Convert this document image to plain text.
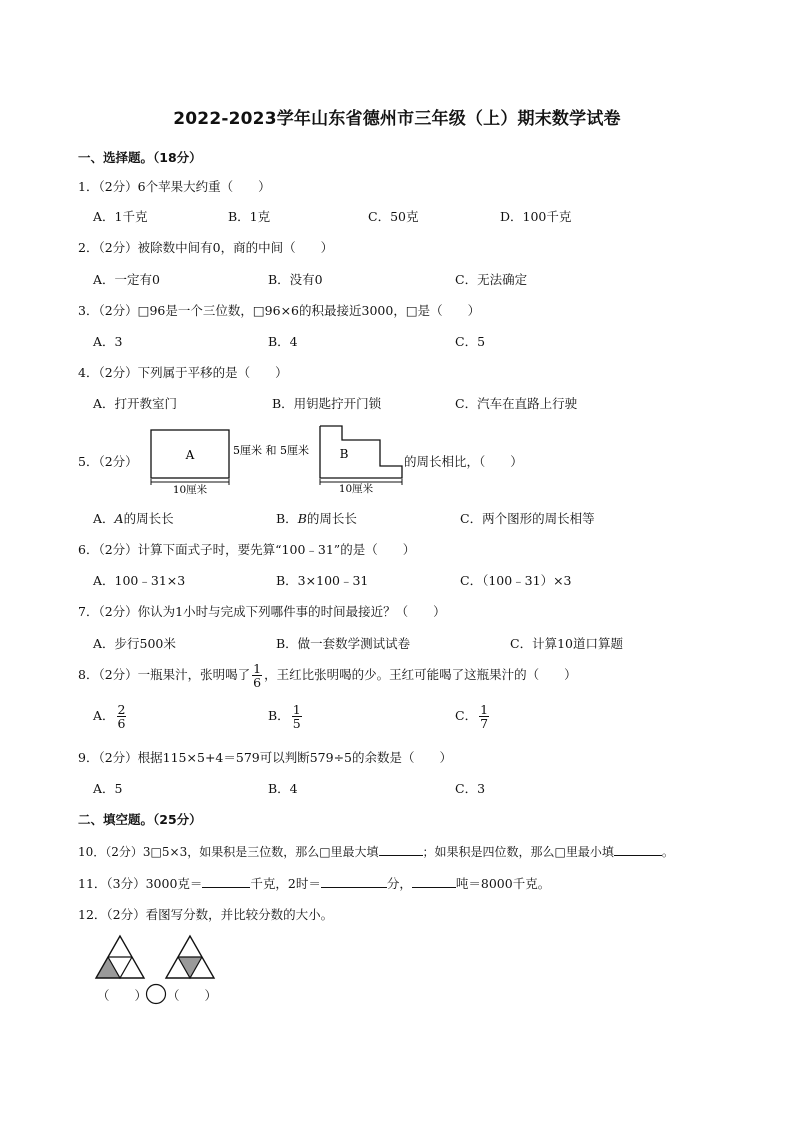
2022-2023学年山东省德州市三年级（上）期末数学试卷
一、选择题。（18分）
1．（2分）6个苹果大约重（　　）
A．1千克	B．1克	C．50克	D．100千克
2．（2分）被除数中间有0，商的中间（　　）
A．一定有0	B．没有0	C．无法确定
3．（2分）□96是一个三位数，□96×6的积最接近3000，□是（　　）
A．3	B．4	C．5
4．（2分）下列属于平移的是（　　）
A．打开教室门	B．用钥匙拧开门锁	C．汽车在直路上行驶
5．（2分）	A
10厘米
5厘米 和 5厘米	B
10厘米
的周长相比，（　　）
A．A的周长长	B．B的周长长	C．两个图形的周长相等
6．（2分）计算下面式子时，要先算“100﹣31”的是（　　）
A．100﹣31×3	B．3×100﹣31	C．（100﹣31）×3
7．（2分）你认为1小时与完成下列哪件事的时间最接近？（　　）
A．步行500米	B．做一套数学测试试卷	C．计算10道口算题
8．（2分）一瓶果汁，张明喝了 $\frac{1}{6}$ ，王红比张明喝的少。王红可能喝了这瓶果汁的（　　）
A． $\frac{2}{6}$	B． $\frac{1}{5}$	C． $\frac{1}{7}$
9．（2分）根据115×5+4＝579可以判断579÷5的余数是（　　）
A．5	B．4	C．3
二、填空题。（25分）
10．（2分）3□5×3，如果积是三位数，那么□里最大填	；如果积是四位数，那么□里最小填	。
11．（3分）3000克＝	千克，2时＝	分，	吨＝8000千克。
12．（2分）看图写分数，并比较分数的大小。
（　　） （　　）
